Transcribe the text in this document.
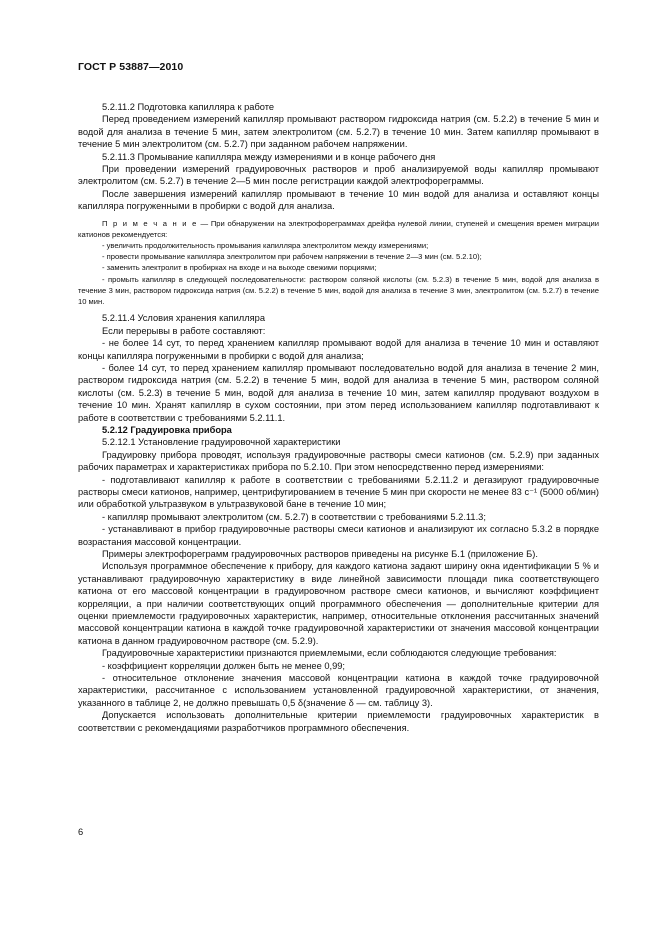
ГОСТ Р 53887—2010

5.2.11.2 Подготовка капилляра к работе

Перед проведением измерений капилляр промывают раствором гидроксида натрия (см. 5.2.2) в течение 5 мин и водой для анализа в течение 5 мин, затем электролитом (см. 5.2.7) в течение 10 мин. Затем капилляр промывают в течение 5 мин электролитом (см. 5.2.7) при заданном рабочем напряжении.

5.2.11.3 Промывание капилляра между измерениями и в конце рабочего дня

При проведении измерений градуировочных растворов и проб анализируемой воды капилляр промывают электролитом (см. 5.2.7) в течение 2—5 мин после регистрации каждой электрофореграммы.

После завершения измерений капилляр промывают в течение 10 мин водой для анализа и оставляют концы капилляра погруженными в пробирки с водой для анализа.

П р и м е ч а н и е — При обнаружении на электрофореграммах дрейфа нулевой линии, ступеней и смещения времен миграции катионов рекомендуется:

- увеличить продолжительность промывания капилляра электролитом между измерениями;

- провести промывание капилляра электролитом при рабочем напряжении в течение 2—3 мин (см. 5.2.10);

- заменить электролит в пробирках на входе и на выходе свежими порциями;

- промыть капилляр в следующей последовательности: раствором соляной кислоты (см. 5.2.3) в течение 5 мин, водой для анализа в течение 3 мин, раствором гидроксида натрия (см. 5.2.2) в течение 5 мин, водой для анализа в течение 3 мин, электролитом (см. 5.2.7) в течение 10 мин.

5.2.11.4 Условия хранения капилляра

Если перерывы в работе составляют:

- не более 14 сут, то перед хранением капилляр промывают водой для анализа в течение 10 мин и оставляют концы капилляра погруженными в пробирки с водой для анализа;

- более 14 сут, то перед хранением капилляр промывают последовательно водой для анализа в течение 2 мин, раствором гидроксида натрия (см. 5.2.2) в течение 5 мин, водой для анализа в течение 5 мин, раствором соляной кислоты (см. 5.2.3) в течение 5 мин, водой для анализа в течение 10 мин, затем капилляр продувают воздухом в течение 10 мин. Хранят капилляр в сухом состоянии, при этом перед использованием капилляр подготавливают к работе в соответствии с требованиями 5.2.11.1.

5.2.12 Градуировка прибора

5.2.12.1 Установление градуировочной характеристики

Градуировку прибора проводят, используя градуировочные растворы смеси катионов (см. 5.2.9) при заданных рабочих параметрах и характеристиках прибора по 5.2.10. При этом непосредственно перед измерениями:

- подготавливают капилляр к работе в соответствии с требованиями 5.2.11.2 и дегазируют градуировочные растворы смеси катионов, например, центрифугированием в течение 5 мин при скорости не менее 83 с⁻¹ (5000 об/мин) или обработкой ультразвуком в ультразвуковой бане в течение 10 мин;

- капилляр промывают электролитом (см. 5.2.7) в соответствии с требованиями 5.2.11.3;

- устанавливают в прибор градуировочные растворы смеси катионов и анализируют их согласно 5.3.2 в порядке возрастания массовой концентрации.

Примеры электрофореграмм градуировочных растворов приведены на рисунке Б.1 (приложение Б).

Используя программное обеспечение к прибору, для каждого катиона задают ширину окна идентификации 5 % и устанавливают градуировочную характеристику в виде линейной зависимости площади пика соответствующего катиона от его массовой концентрации в градуировочном растворе смеси катионов, и вычисляют коэффициент корреляции, а при наличии соответствующих опций программного обеспечения — дополнительные критерии для оценки приемлемости градуировочных характеристик, например, относительные отклонения рассчитанных значений массовой концентрации катиона в каждой точке градуировочной характеристики от значения массовой концентрации катиона в данном градуировочном растворе (см. 5.2.9).

Градуировочные характеристики признаются приемлемыми, если соблюдаются следующие требования:

- коэффициент корреляции должен быть не менее 0,99;

- относительное отклонение значения массовой концентрации катиона в каждой точке градуировочной характеристики, рассчитанное с использованием установленной градуировочной характеристики, от значения, указанного в таблице 2, не должно превышать 0,5 δ(значение δ — см. таблицу 3).

Допускается использовать дополнительные критерии приемлемости градуировочных характеристик в соответствии с рекомендациями разработчиков программного обеспечения.

6
